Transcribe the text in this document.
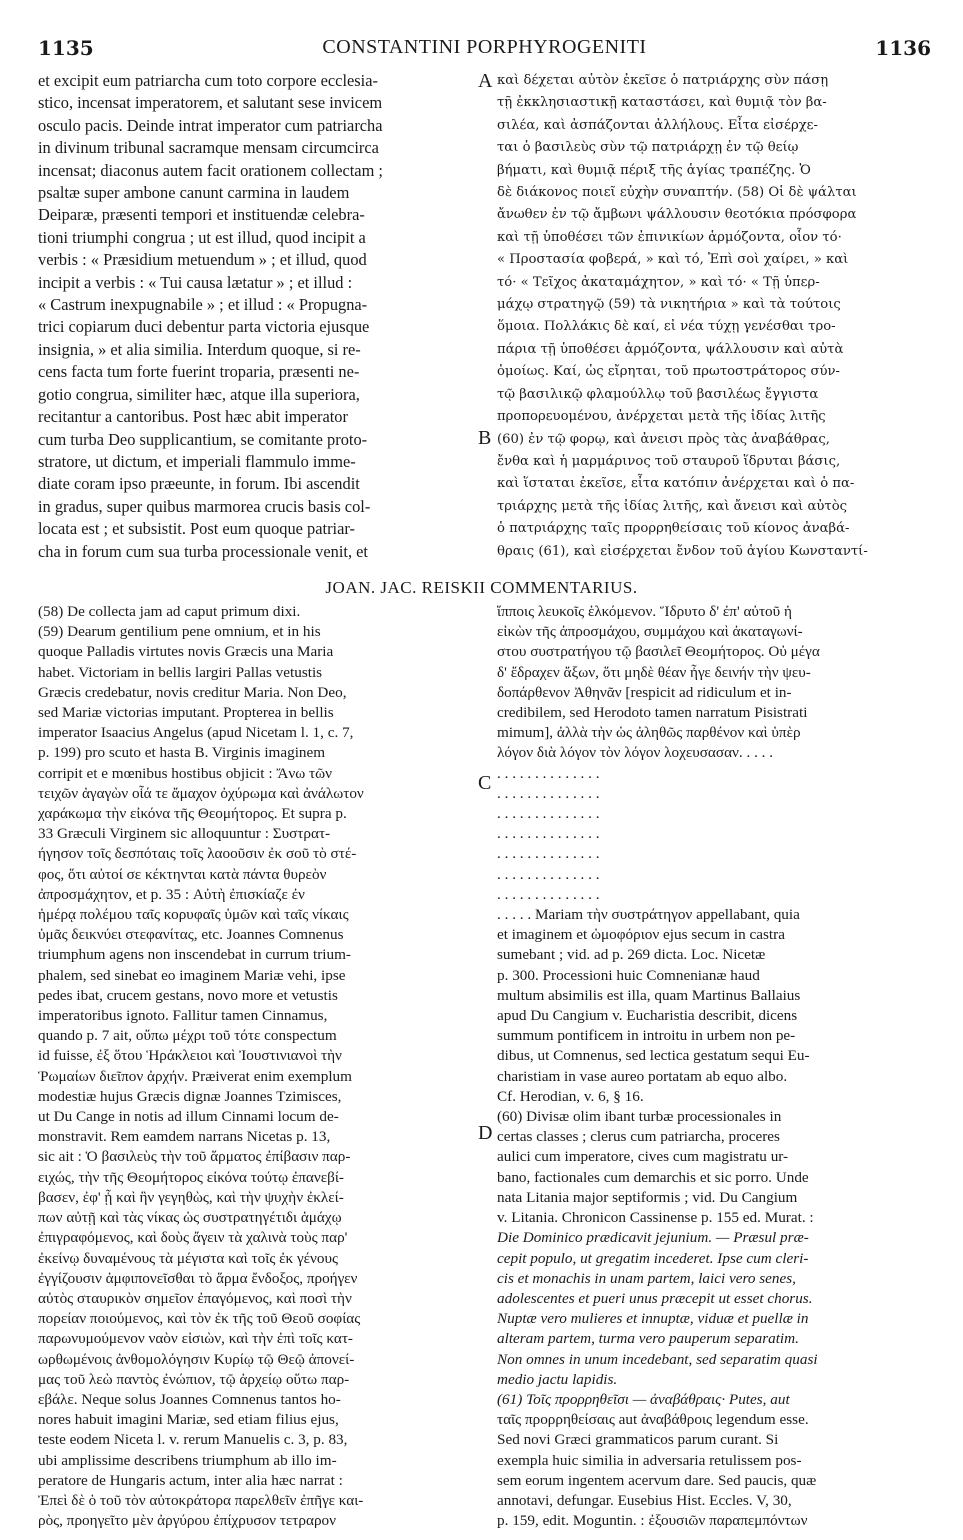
1135	CONSTANTINI PORPHYROGENITI	1136
et excipit eum patriarcha cum toto corpore ecclesia-
stico, incensat imperatorem, et salutant sese invicem
osculo pacis. Deinde intrat imperator cum patriarcha
in divinum tribunal sacramque mensam circumcirca
incensat; diaconus autem facit orationem collectam ;
psaltæ super ambone canunt carmina in laudem
Deiparæ, præsenti tempori et instituendæ celebra-
tioni triumphi congrua ; ut est illud, quod incipit a
verbis : « Præsidium metuendum » ; et illud, quod
incipit a verbis : « Tui causa lætatur » ; et illud :
« Castrum inexpugnabile » ; et illud : « Propugna-
trici copiarum duci debentur parta victoria ejusque
insignia, » et alia similia. Interdum quoque, si re-
cens facta tum forte fuerint troparia, præsenti ne-
gotio congrua, similiter hæc, atque illa superiora,
recitantur a cantoribus. Post hæc abit imperator
cum turba Deo supplicantium, se comitante proto-
stratore, ut dictum, et imperiali flammulo imme-
diate coram ipso præeunte, in forum. Ibi ascendit
in gradus, super quibus marmorea crucis basis col-
locata est ; et subsistit. Post eum quoque patriar-
cha in forum cum sua turba processionale venit, et
καὶ δέχεται αὐτὸν ἐκεῖσε ὁ πατριάρχης σὺν πάσῃ
τῇ ἐκκλησιαστικῇ καταστάσει, καὶ θυμιᾷ τὸν βα-
σιλέα, καὶ ἀσπάζονται ἀλλήλους. Εἶτα εἰσέρχε-
ται ὁ βασιλεὺς σὺν τῷ πατριάρχῃ ἐν τῷ θείῳ
βήματι, καὶ θυμιᾷ πέριξ τῆς ἁγίας τραπέζης. Ὁ
δὲ διάκονος ποιεῖ εὐχὴν συναπτήν. (58) Οἱ δὲ ψάλται
ἄνωθεν ἐν τῷ ἄμβωνι ψάλλουσιν θεοτόκια πρόσφορα
καὶ τῇ ὑποθέσει τῶν ἐπινικίων ἁρμόζοντα, οἷον τό·
« Προστασία φοβερά, » καὶ τό, Ἐπὶ σοὶ χαίρει, » καὶ
τό· « Τεῖχος ἀκαταμάχητον, » καὶ τό· « Τῇ ὑπερ-
μάχῳ στρατηγῷ (59) τὰ νικητήρια » καὶ τὰ τούτοις
ὅμοια. Πολλάκις δὲ καί, εἰ νέα τύχῃ γενέσθαι τρο-
πάρια τῇ ὑποθέσει ἁρμόζοντα, ψάλλουσιν καὶ αὐτὰ
ὁμοίως. Καί, ὡς εἴρηται, τοῦ πρωτοστράτορος σύν-
τῷ βασιλικῷ φλαμούλλῳ τοῦ βασιλέως ἔγγιστα
προπορευομένου, ἀνέρχεται μετὰ τῆς ἰδίας λιτῆς
(60) ἐν τῷ φορῳ, καὶ ἀνεισι πρὸς τὰς ἀναβάθρας,
ἔνθα καὶ ἡ μαρμάρινος τοῦ σταυροῦ ἵδρυται βάσις,
καὶ ἵσταται ἐκεῖσε, εἶτα κατόπιν ἀνέρχεται καὶ ὁ πα-
τριάρχης μετὰ τῆς ἰδίας λιτῆς, καὶ ἄνεισι καὶ αὐτὸς
ὁ πατριάρχης ταῖς προρρηθείσαις τοῦ κίονος ἀναβά-
θραις (61), καὶ εἰσέρχεται ἔνδον τοῦ ἁγίου Κωνσταντί-
A
B
C
D
JOAN. JAC. REISKII COMMENTARIUS.
(58) De collecta jam ad caput primum dixi.
(59) Dearum gentilium pene omnium, et in his
quoque Palladis virtutes novis Græcis una Maria
habet. Victoriam in bellis largiri Pallas vetustis
Græcis credebatur, novis creditur Maria. Non Deo,
sed Mariæ victorias imputant. Propterea in bellis
imperator Isaacius Angelus (apud Nicetam l. 1, c. 7,
p. 199) pro scuto et hasta B. Virginis imaginem
corripit et e mœnibus hostibus objicit : Ἄνω τῶν
τειχῶν ἀγαγὼν οἷά τε ἄμαχον ὀχύρωμα καὶ ἀνάλωτον
χαράκωμα τὴν εἰκόνα τῆς Θεομήτορος. Et supra p.
33 Græculi Virginem sic alloquuntur : Συστρατ-
ήγησον τοῖς δεσπόταις τοῖς λαοοῦσιν ἐκ σοῦ τὸ στέ-
φος, ὅτι αὐτοί σε κέκτηνται κατὰ πάντα θυρεὸν
ἀπροσμάχητον, et p. 35 : Αὐτὴ ἐπισκίαζε ἐν
ἡμέρᾳ πολέμου ταῖς κορυφαῖς ὑμῶν καὶ ταῖς νίκαις
ὑμᾶς δεικνύει στεφανίτας, etc. Joannes Comnenus
triumphum agens non inscendebat in currum trium-
phalem, sed sinebat eo imaginem Mariæ vehi, ipse
pedes ibat, crucem gestans, novo more et vetustis
imperatoribus ignoto. Fallitur tamen Cinnamus,
quando p. 7 ait, οὔπω μέχρι τοῦ τότε conspectum
id fuisse, ἐξ ὅτου Ἡράκλειοι καὶ Ἰουστινιανοὶ τὴν
Ῥωμαίων διεῖπον ἀρχήν. Præiverat enim exemplum
modestiæ hujus Græcis dignæ Joannes Tzimisces,
ut Du Cange in notis ad illum Cinnami locum de-
monstravit. Rem eamdem narrans Nicetas p. 13,
sic ait : Ὁ βασιλεὺς τὴν τοῦ ἅρματος ἐπίβασιν παρ-
ειχώς, τὴν τῆς Θεομήτορος εἰκόνα τούτῳ ἐπανεβί-
βασεν, ἐφ' ᾗ καὶ ἣν γεγηθὼς, καὶ τὴν ψυχὴν ἐκλεί-
πων αὐτῇ καὶ τὰς νίκας ὡς συστρατηγέτιδι ἁμάχῳ
ἐπιγραφόμενος, καὶ δοὺς ἄγειν τὰ χαλινὰ τοὺς παρ'
ἐκείνῳ δυναμένους τὰ μέγιστα καὶ τοῖς ἐκ γένους
ἐγγίζουσιν ἀμφιπονεῖσθαι τὸ ἅρμα ἔνδοξος, προήγεν
αὐτὸς σταυρικὸν σημεῖον ἐπαγόμενος, καὶ ποσὶ τὴν
πορείαν ποιούμενος, καὶ τὸν ἐκ τῆς τοῦ Θεοῦ σοφίας
παρωνυμούμενον ναὸν εἰσιὼν, καὶ τὴν ἐπὶ τοῖς κατ-
ωρθωμένοις ἀνθομολόγησιν Κυρίῳ τῷ Θεῷ ἀπονεί-
μας τοῦ λεὼ παντὸς ἐνώπιον, τῷ ἀρχείῳ οὕτω παρ-
εβάλε. Neque solus Joannes Comnenus tantos ho-
nores habuit imagini Mariæ, sed etiam filius ejus,
teste eodem Niceta l. v. rerum Manuelis c. 3, p. 83,
ubi amplissime describens triumphum ab illo im-
peratore de Hungaris actum, inter alia hæc narrat :
Ἐπεὶ δὲ ὁ τοῦ τὸν αὐτοκράτορα παρελθεῖν ἐπῆγε και-
ρὸς, προηγεῖτο μὲν ἀργύρου ἐπίχρυσον τετραρον
ἵπποις λευκοῖς ἑλκόμενον. Ἵδρυτο δ' ἐπ' αὐτοῦ ἡ
εἰκὼν τῆς ἀπροσμάχου, συμμάχου καὶ ἀκαταγωνί-
στου συστρατήγου τῷ βασιλεῖ Θεομήτορος. Οὐ μέγα
δ' ἔδραχεν ἄξων, ὅτι μηδὲ θέαν ἦγε δεινήν τὴν ψευ-
δοπάρθενον Ἀθηνᾶν [respicit ad ridiculum et in-
credibilem, sed Herodoto tamen narratum Pisistrati
mimum], ἀλλὰ τὴν ὡς ἀληθῶς παρθένον καὶ ὑπὲρ
λόγον διὰ λόγον τὸν λόγον λοχευσασαν. . . . .
. . . . . . . . . . . . . .
. . . . . . . . . . . . . .
. . . . . . . . . . . . . .
. . . . . . . . . . . . . .
. . . . . . . . . . . . . .
. . . . . . . . . . . . . .
. . . . . . . . . . . . . .
. . . . . Mariam τὴν συστράτηγον appellabant, quia
et imaginem et ὠμοφόριον ejus secum in castra
sumebant ; vid. ad p. 269 dicta. Loc. Nicetæ
p. 300. Processioni huic Comnenianæ haud
multum absimilis est illa, quam Martinus Ballaius
apud Du Cangium v. Eucharistia describit, dicens
summum pontificem in introitu in urbem non pe-
dibus, ut Comnenus, sed lectica gestatum sequi Eu-
charistiam in vase aureo portatam ab equo albo.
Cf. Herodian, v. 6, § 16.
(60) Divisæ olim ibant turbæ processionales in
certas classes ; clerus cum patriarcha, proceres
aulici cum imperatore, cives cum magistratu ur-
bano, factionales cum demarchis et sic porro. Unde
nata Litania major septiformis ; vid. Du Cangium
v. Litania. Chronicon Cassinense p. 155 ed. Murat. :
Die Dominico prædicavit jejunium. — Præsul præ-
cepit populo, ut gregatim incederet. Ipse cum cleri-
cis et monachis in unam partem, laici vero senes,
adolescentes et pueri unus præcepit ut esset chorus.
Nuptæ vero mulieres et innuptæ, viduæ et puellæ in
alteram partem, turma vero pauperum separatim.
Non omnes in unum incedebant, sed separatim quasi
medio jactu lapidis.
(61) Τοῖς προρρηθεῖσι — ἀναβάθραις· Putes, aut
ταῖς προρρηθείσαις aut ἀναβάθροις legendum esse.
Sed novi Græci grammaticos parum curant. Si
exempla huic similia in adversaria retulissem pos-
sem eorum ingentem acervum dare. Sed paucis, quæ
annotavi, defungar. Eusebius Hist. Eccles. V, 30,
p. 159, edit. Moguntin. : ἐξουσιῶν παραπεμπόντων
